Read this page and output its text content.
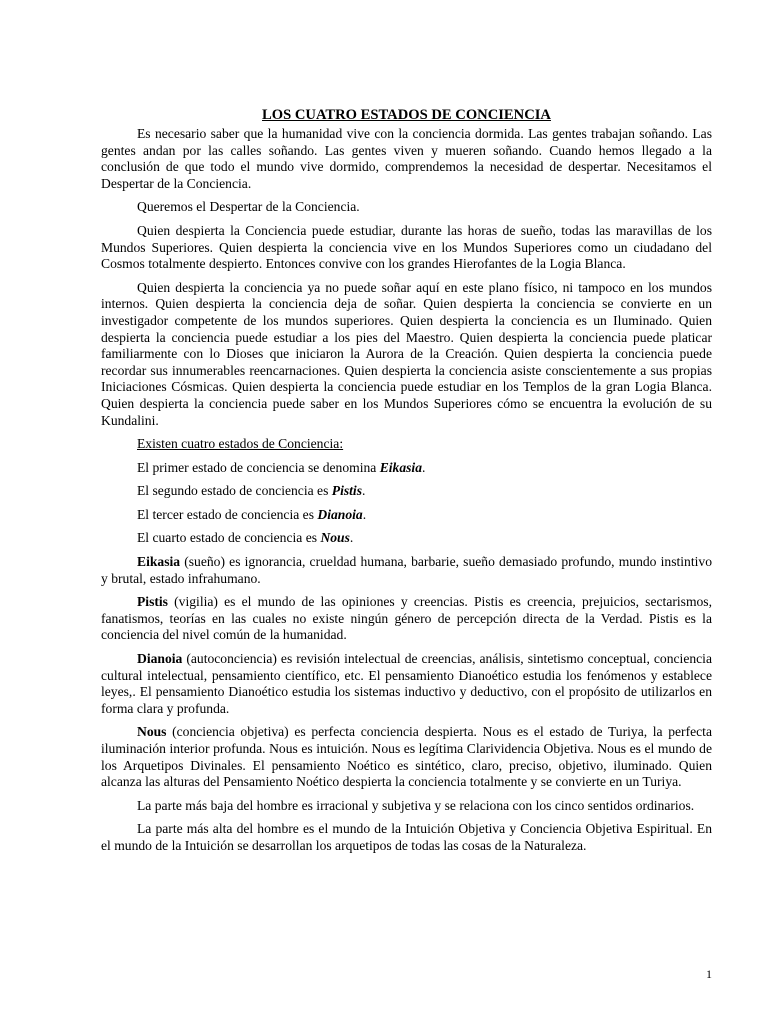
LOS CUATRO ESTADOS DE CONCIENCIA

Es necesario saber que la humanidad vive con la conciencia dormida. Las gentes trabajan soñando. Las gentes andan por las calles soñando. Las gentes viven y mueren soñando. Cuando hemos llegado a la conclusión de que todo el mundo vive dormido, comprendemos la necesidad de despertar. Necesitamos el Despertar de la Conciencia.

Queremos el Despertar de la Conciencia.

Quien despierta la Conciencia puede estudiar, durante las horas de sueño, todas las maravillas de los Mundos Superiores. Quien despierta la conciencia vive en los Mundos Superiores como un ciudadano del Cosmos totalmente despierto. Entonces convive con los grandes Hierofantes de la Logia Blanca.

Quien despierta la conciencia ya no puede soñar aquí en este plano físico, ni tampoco en los mundos internos. Quien despierta la conciencia deja de soñar. Quien despierta la conciencia se convierte en un investigador competente de los mundos superiores. Quien despierta la conciencia es un Iluminado. Quien despierta la conciencia puede estudiar a los pies del Maestro. Quien despierta la conciencia puede platicar familiarmente con lo Dioses que iniciaron la Aurora de la Creación. Quien despierta la conciencia puede recordar sus innumerables reencarnaciones. Quien despierta la conciencia asiste conscientemente a sus propias Iniciaciones Cósmicas. Quien despierta la conciencia puede estudiar en los Templos de la gran Logia Blanca. Quien despierta la conciencia puede saber en los Mundos Superiores cómo se encuentra la evolución de su Kundalini.

Existen cuatro estados de Conciencia:

El primer estado de conciencia se denomina Eikasia.

El segundo estado de conciencia es Pistis.

El tercer estado de conciencia es Dianoia.

El cuarto estado de conciencia es Nous.

Eikasia (sueño) es ignorancia, crueldad humana, barbarie, sueño demasiado profundo, mundo instintivo y brutal, estado infrahumano.

Pistis (vigilia) es el mundo de las opiniones y creencias. Pistis es creencia, prejuicios, sectarismos, fanatismos, teorías en las cuales no existe ningún género de percepción directa de la Verdad. Pistis es la conciencia del nivel común de la humanidad.

Dianoia (autoconciencia) es revisión intelectual de creencias, análisis, sintetismo conceptual, conciencia cultural intelectual, pensamiento científico, etc. El pensamiento Dianoético estudia los fenómenos y establece leyes,. El pensamiento Dianoético estudia los sistemas inductivo y deductivo, con el propósito de utilizarlos en forma clara y profunda.

Nous (conciencia objetiva) es perfecta conciencia despierta. Nous es el estado de Turiya, la perfecta iluminación interior profunda. Nous es intuición. Nous es legítima Clarividencia Objetiva. Nous es el mundo de los Arquetipos Divinales. El pensamiento Noético es sintético, claro, preciso, objetivo, iluminado. Quien alcanza las alturas del Pensamiento Noético despierta la conciencia totalmente y se convierte en un Turiya.

La parte más baja del hombre es irracional y subjetiva y se relaciona con los cinco sentidos ordinarios.

La parte más alta del hombre es el mundo de la Intuición Objetiva y Conciencia Objetiva Espiritual. En el mundo de la Intuición se desarrollan los arquetipos de todas las cosas de la Naturaleza.

1
